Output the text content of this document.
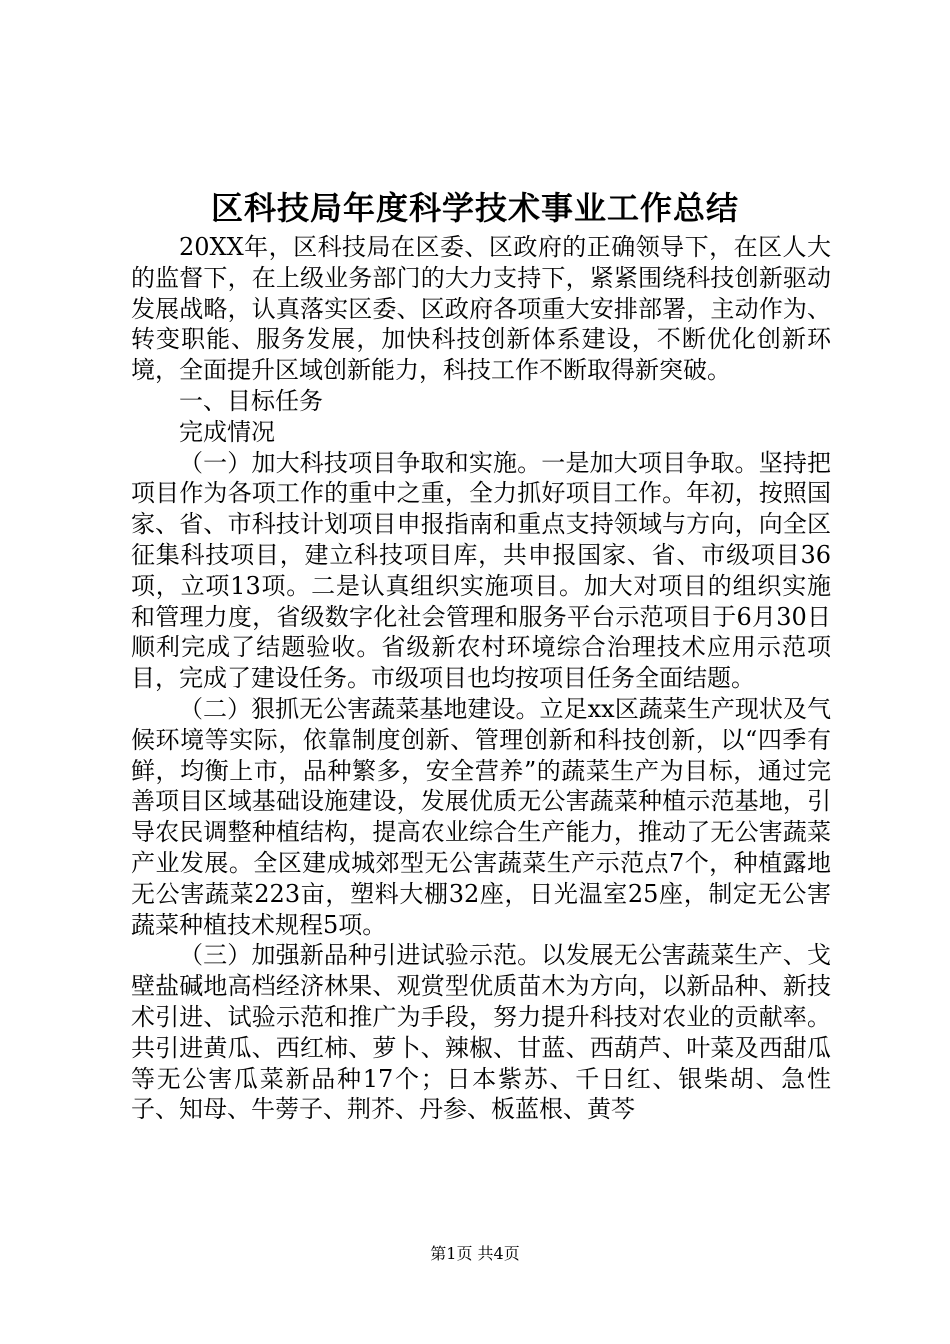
区科技局年度科学技术事业工作总结

20XX年，区科技局在区委、区政府的正确领导下，在区人大的监督下，在上级业务部门的大力支持下，紧紧围绕科技创新驱动发展战略，认真落实区委、区政府各项重大安排部署，主动作为、转变职能、服务发展，加快科技创新体系建设，不断优化创新环境，全面提升区域创新能力，科技工作不断取得新突破。

一、目标任务

完成情况

（一）加大科技项目争取和实施。一是加大项目争取。坚持把项目作为各项工作的重中之重，全力抓好项目工作。年初，按照国家、省、市科技计划项目申报指南和重点支持领域与方向，向全区征集科技项目，建立科技项目库，共申报国家、省、市级项目36项，立项13项。二是认真组织实施项目。加大对项目的组织实施和管理力度，省级数字化社会管理和服务平台示范项目于6月30日顺利完成了结题验收。省级新农村环境综合治理技术应用示范项目，完成了建设任务。市级项目也均按项目任务全面结题。

（二）狠抓无公害蔬菜基地建设。立足xx区蔬菜生产现状及气候环境等实际，依靠制度创新、管理创新和科技创新，以“四季有鲜，均衡上市，品种繁多，安全营养”的蔬菜生产为目标，通过完善项目区域基础设施建设，发展优质无公害蔬菜种植示范基地，引导农民调整种植结构，提高农业综合生产能力，推动了无公害蔬菜产业发展。全区建成城郊型无公害蔬菜生产示范点7个，种植露地无公害蔬菜223亩，塑料大棚32座，日光温室25座，制定无公害蔬菜种植技术规程5项。

（三）加强新品种引进试验示范。以发展无公害蔬菜生产、戈壁盐碱地高档经济林果、观赏型优质苗木为方向，以新品种、新技术引进、试验示范和推广为手段，努力提升科技对农业的贡献率。共引进黄瓜、西红柿、萝卜、辣椒、甘蓝、西葫芦、叶菜及西甜瓜等无公害瓜菜新品种17个；日本紫苏、千日红、银柴胡、急性子、知母、牛蒡子、荆芥、丹参、板蓝根、黄芩

第1页 共4页
